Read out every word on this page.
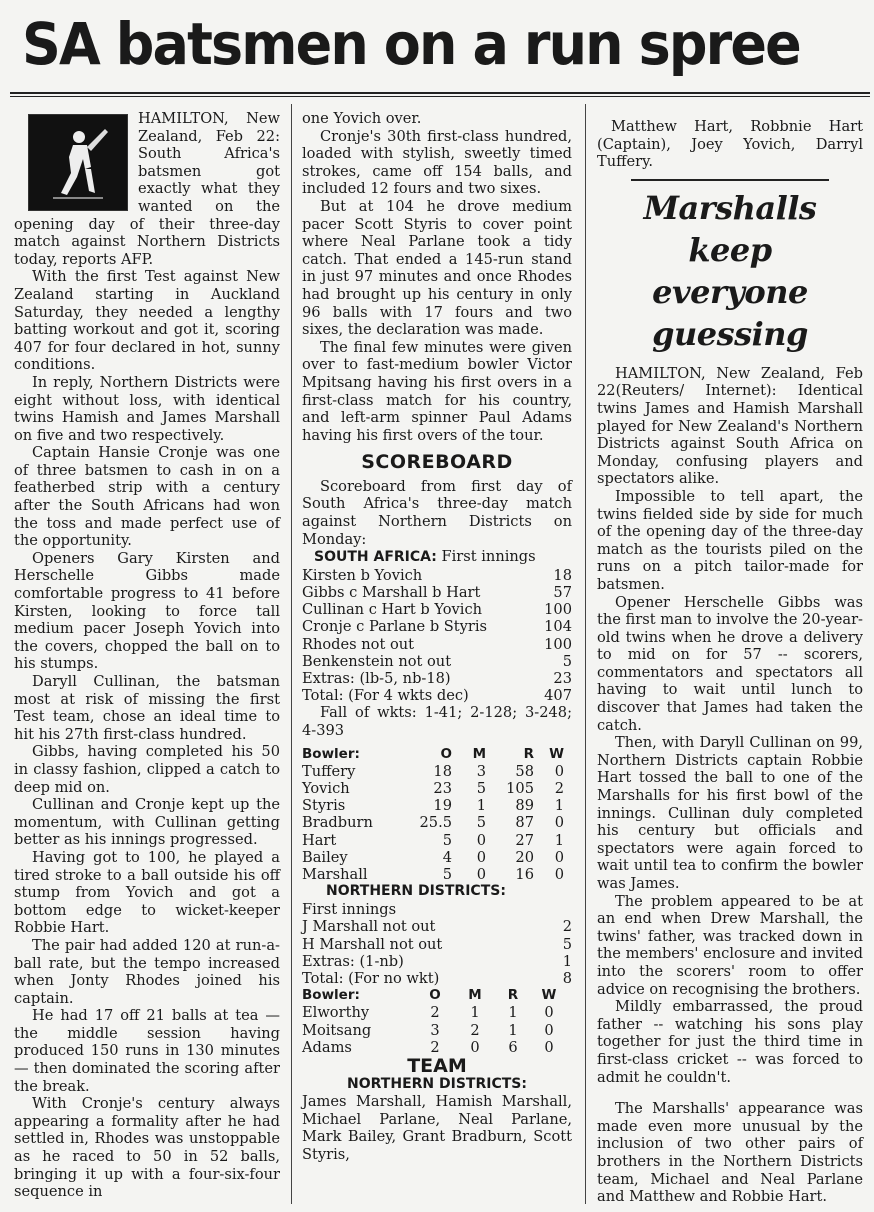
SA batsmen on a run spree

HAMILTON, New Zealand, Feb 22: South Africa's batsmen got exactly what they wanted on the opening day of their three-day match against Northern Districts today, reports AFP.

With the first Test against New Zealand starting in Auckland Saturday, they needed a lengthy batting workout and got it, scoring 407 for four declared in hot, sunny conditions.

In reply, Northern Districts were eight without loss, with identical twins Hamish and James Marshall on five and two respectively.

Captain Hansie Cronje was one of three batsmen to cash in on a featherbed strip with a century after the South Africans had won the toss and made perfect use of the opportunity.

Openers Gary Kirsten and Herschelle Gibbs made comfortable progress to 41 before Kirsten, looking to force tall medium pacer Joseph Yovich into the covers, chopped the ball on to his stumps.

Daryll Cullinan, the batsman most at risk of missing the first Test team, chose an ideal time to hit his 27th first-class hundred.

Gibbs, having completed his 50 in classy fashion, clipped a catch to deep mid on.

Cullinan and Cronje kept up the momentum, with Cullinan getting better as his innings progressed.

Having got to 100, he played a tired stroke to a ball outside his off stump from Yovich and got a bottom edge to wicket-keeper Robbie Hart.

The pair had added 120 at run-a-ball rate, but the tempo increased when Jonty Rhodes joined his captain.

He had 17 off 21 balls at tea — the middle session having produced 150 runs in 130 minutes — then dominated the scoring after the break.

With Cronje's century always appearing a formality after he had settled in, Rhodes was unstoppable as he raced to 50 in 52 balls, bringing it up with a four-six-four sequence in

one Yovich over.

Cronje's 30th first-class hundred, loaded with stylish, sweetly timed strokes, came off 154 balls, and included 12 fours and two sixes.

But at 104 he drove medium pacer Scott Styris to cover point where Neal Parlane took a tidy catch. That ended a 145-run stand in just 97 minutes and once Rhodes had brought up his century in only 96 balls with 17 fours and two sixes, the declaration was made.

The final few minutes were given over to fast-medium bowler Victor Mpitsang having his first overs in a first-class match for his country, and left-arm spinner Paul Adams having his first overs of the tour.

SCOREBOARD

Scoreboard from first day of South Africa's three-day match against Northern Districts on Monday:

SOUTH AFRICA: First innings
Kirsten b Yovich	18
Gibbs c Marshall b Hart	57
Cullinan c Hart b Yovich	100
Cronje c Parlane b Styris	104
Rhodes not out	100
Benkenstein not out	5
Extras: (lb-5, nb-18)	23
Total: (For 4 wkts dec)	407

Fall of wkts: 1-41; 2-128; 3-248; 4-393

Bowler:	O	M	R	W
Tuffery	18	3	58	0
Yovich	23	5	105	2
Styris	19	1	89	1
Bradburn	25.5	5	87	0
Hart	5	0	27	1
Bailey	4	0	20	0
Marshall	5	0	16	0
NORTHERN DISTRICTS:
First innings
J Marshall not out	2
H Marshall not out	5
Extras: (1-nb)	1
Total: (For no wkt)	8
Bowler:	O	M	R	W
Elworthy	2	1	1	0
Moitsang	3	2	1	0
Adams	2	0	6	0
TEAM
NORTHERN DISTRICTS:

James Marshall, Hamish Marshall, Michael Parlane, Neal Parlane, Mark Bailey, Grant Bradburn, Scott Styris,

Matthew Hart, Robbnie Hart (Captain), Joey Yovich, Darryl Tuffery.

Marshalls keep
everyone
guessing

HAMILTON, New Zealand, Feb 22(Reuters/ Internet): Identical twins James and Hamish Marshall played for New Zealand's Northern Districts against South Africa on Monday, confusing players and spectators alike.

Impossible to tell apart, the twins fielded side by side for much of the opening day of the three-day match as the tourists piled on the runs on a pitch tailor-made for batsmen.

Opener Herschelle Gibbs was the first man to involve the 20-year-old twins when he drove a delivery to mid on for 57 -- scorers, commentators and spectators all having to wait until lunch to discover that James had taken the catch.

Then, with Daryll Cullinan on 99, Northern Districts captain Robbie Hart tossed the ball to one of the Marshalls for his first bowl of the innings. Cullinan duly completed his century but officials and spectators were again forced to wait until tea to confirm the bowler was James.

The problem appeared to be at an end when Drew Marshall, the twins' father, was tracked down in the members' enclosure and invited into the scorers' room to offer advice on recognising the brothers.

Mildly embarrassed, the proud father -- watching his sons play together for just the third time in first-class cricket -- was forced to admit he couldn't.

The Marshalls' appearance was made even more unusual by the inclusion of two other pairs of brothers in the Northern Districts team, Michael and Neal Parlane and Matthew and Robbie Hart.
